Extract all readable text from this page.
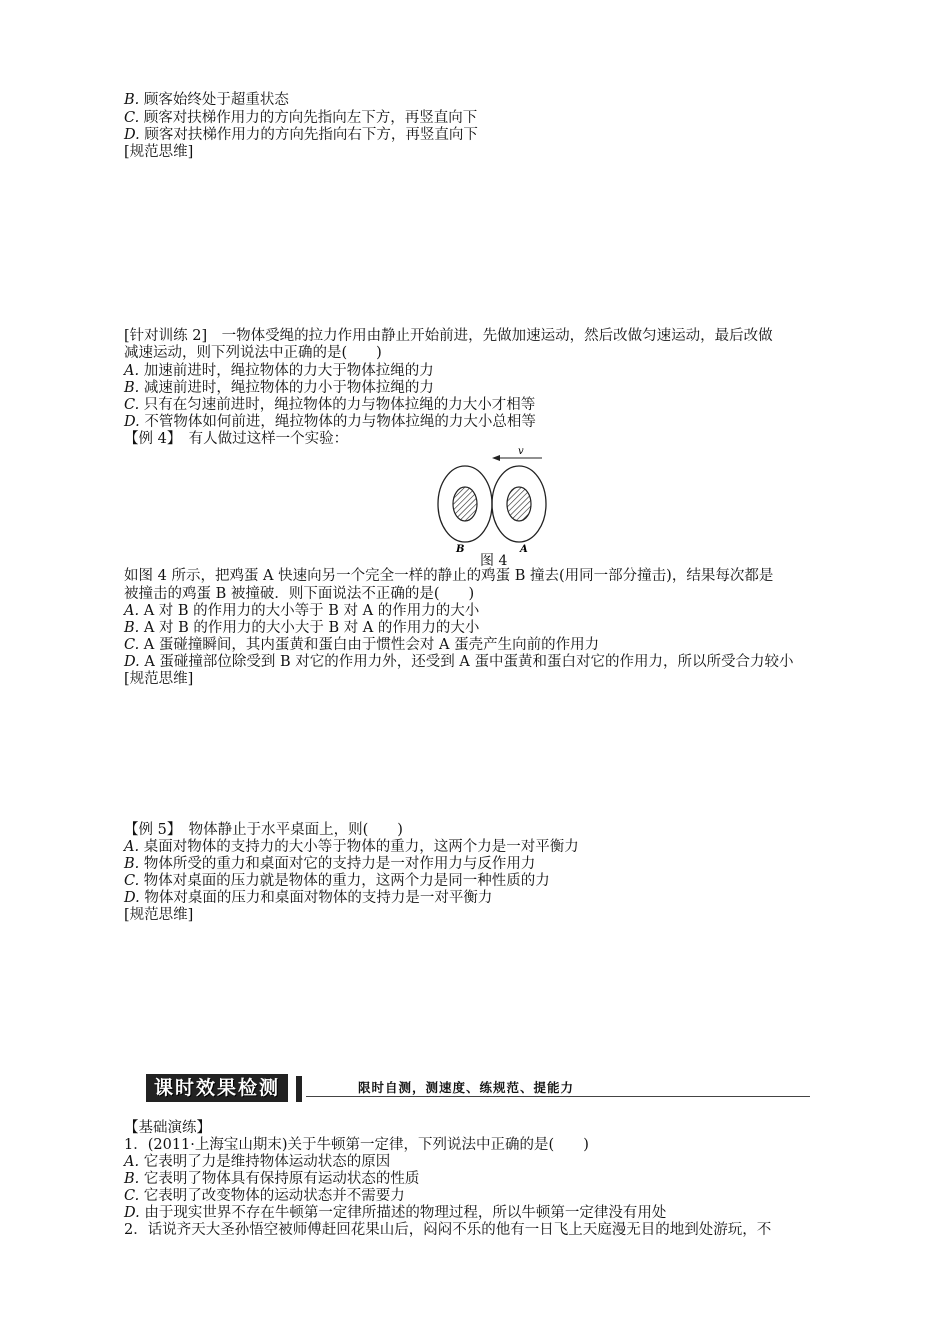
B. 顾客始终处于超重状态
C. 顾客对扶梯作用力的方向先指向左下方，再竖直向下
D. 顾客对扶梯作用力的方向先指向右下方，再竖直向下
[规范思维]
[针对训练 2]　一物体受绳的拉力作用由静止开始前进，先做加速运动，然后改做匀速运动，最后改做
减速运动，则下列说法中正确的是(　　)
A. 加速前进时，绳拉物体的力大于物体拉绳的力
B. 减速前进时，绳拉物体的力小于物体拉绳的力
C. 只有在匀速前进时，绳拉物体的力与物体拉绳的力大小才相等
D. 不管物体如何前进，绳拉物体的力与物体拉绳的力大小总相等
【例 4】　有人做过这样一个实验：
如图 4 所示，把鸡蛋 A 快速向另一个完全一样的静止的鸡蛋 B 撞去(用同一部分撞击)，结果每次都是
被撞击的鸡蛋 B 被撞破．则下面说法不正确的是(　　)
A. A 对 B 的作用力的大小等于 B 对 A 的作用力的大小
B. A 对 B 的作用力的大小大于 B 对 A 的作用力的大小
C. A 蛋碰撞瞬间，其内蛋黄和蛋白由于惯性会对 A 蛋壳产生向前的作用力
D. A 蛋碰撞部位除受到 B 对它的作用力外，还受到 A 蛋中蛋黄和蛋白对它的作用力，所以所受合力较小
[规范思维]
【例 5】　物体静止于水平桌面上，则(　　)
A. 桌面对物体的支持力的大小等于物体的重力，这两个力是一对平衡力
B. 物体所受的重力和桌面对它的支持力是一对作用力与反作用力
C. 物体对桌面的压力就是物体的重力，这两个力是同一种性质的力
D. 物体对桌面的压力和桌面对物体的支持力是一对平衡力
[规范思维]
【基础演练】
1．(2011·上海宝山期末)关于牛顿第一定律，下列说法中正确的是(　　)
A. 它表明了力是维持物体运动状态的原因
B. 它表明了物体具有保持原有运动状态的性质
C. 它表明了改变物体的运动状态并不需要力
D. 由于现实世界不存在牛顿第一定律所描述的物理过程，所以牛顿第一定律没有用处
2．话说齐天大圣孙悟空被师傅赶回花果山后，闷闷不乐的他有一日飞上天庭漫无目的地到处游玩，不
v
B	A
图 4
课时效果检测	限时自测，测速度、练规范、提能力
